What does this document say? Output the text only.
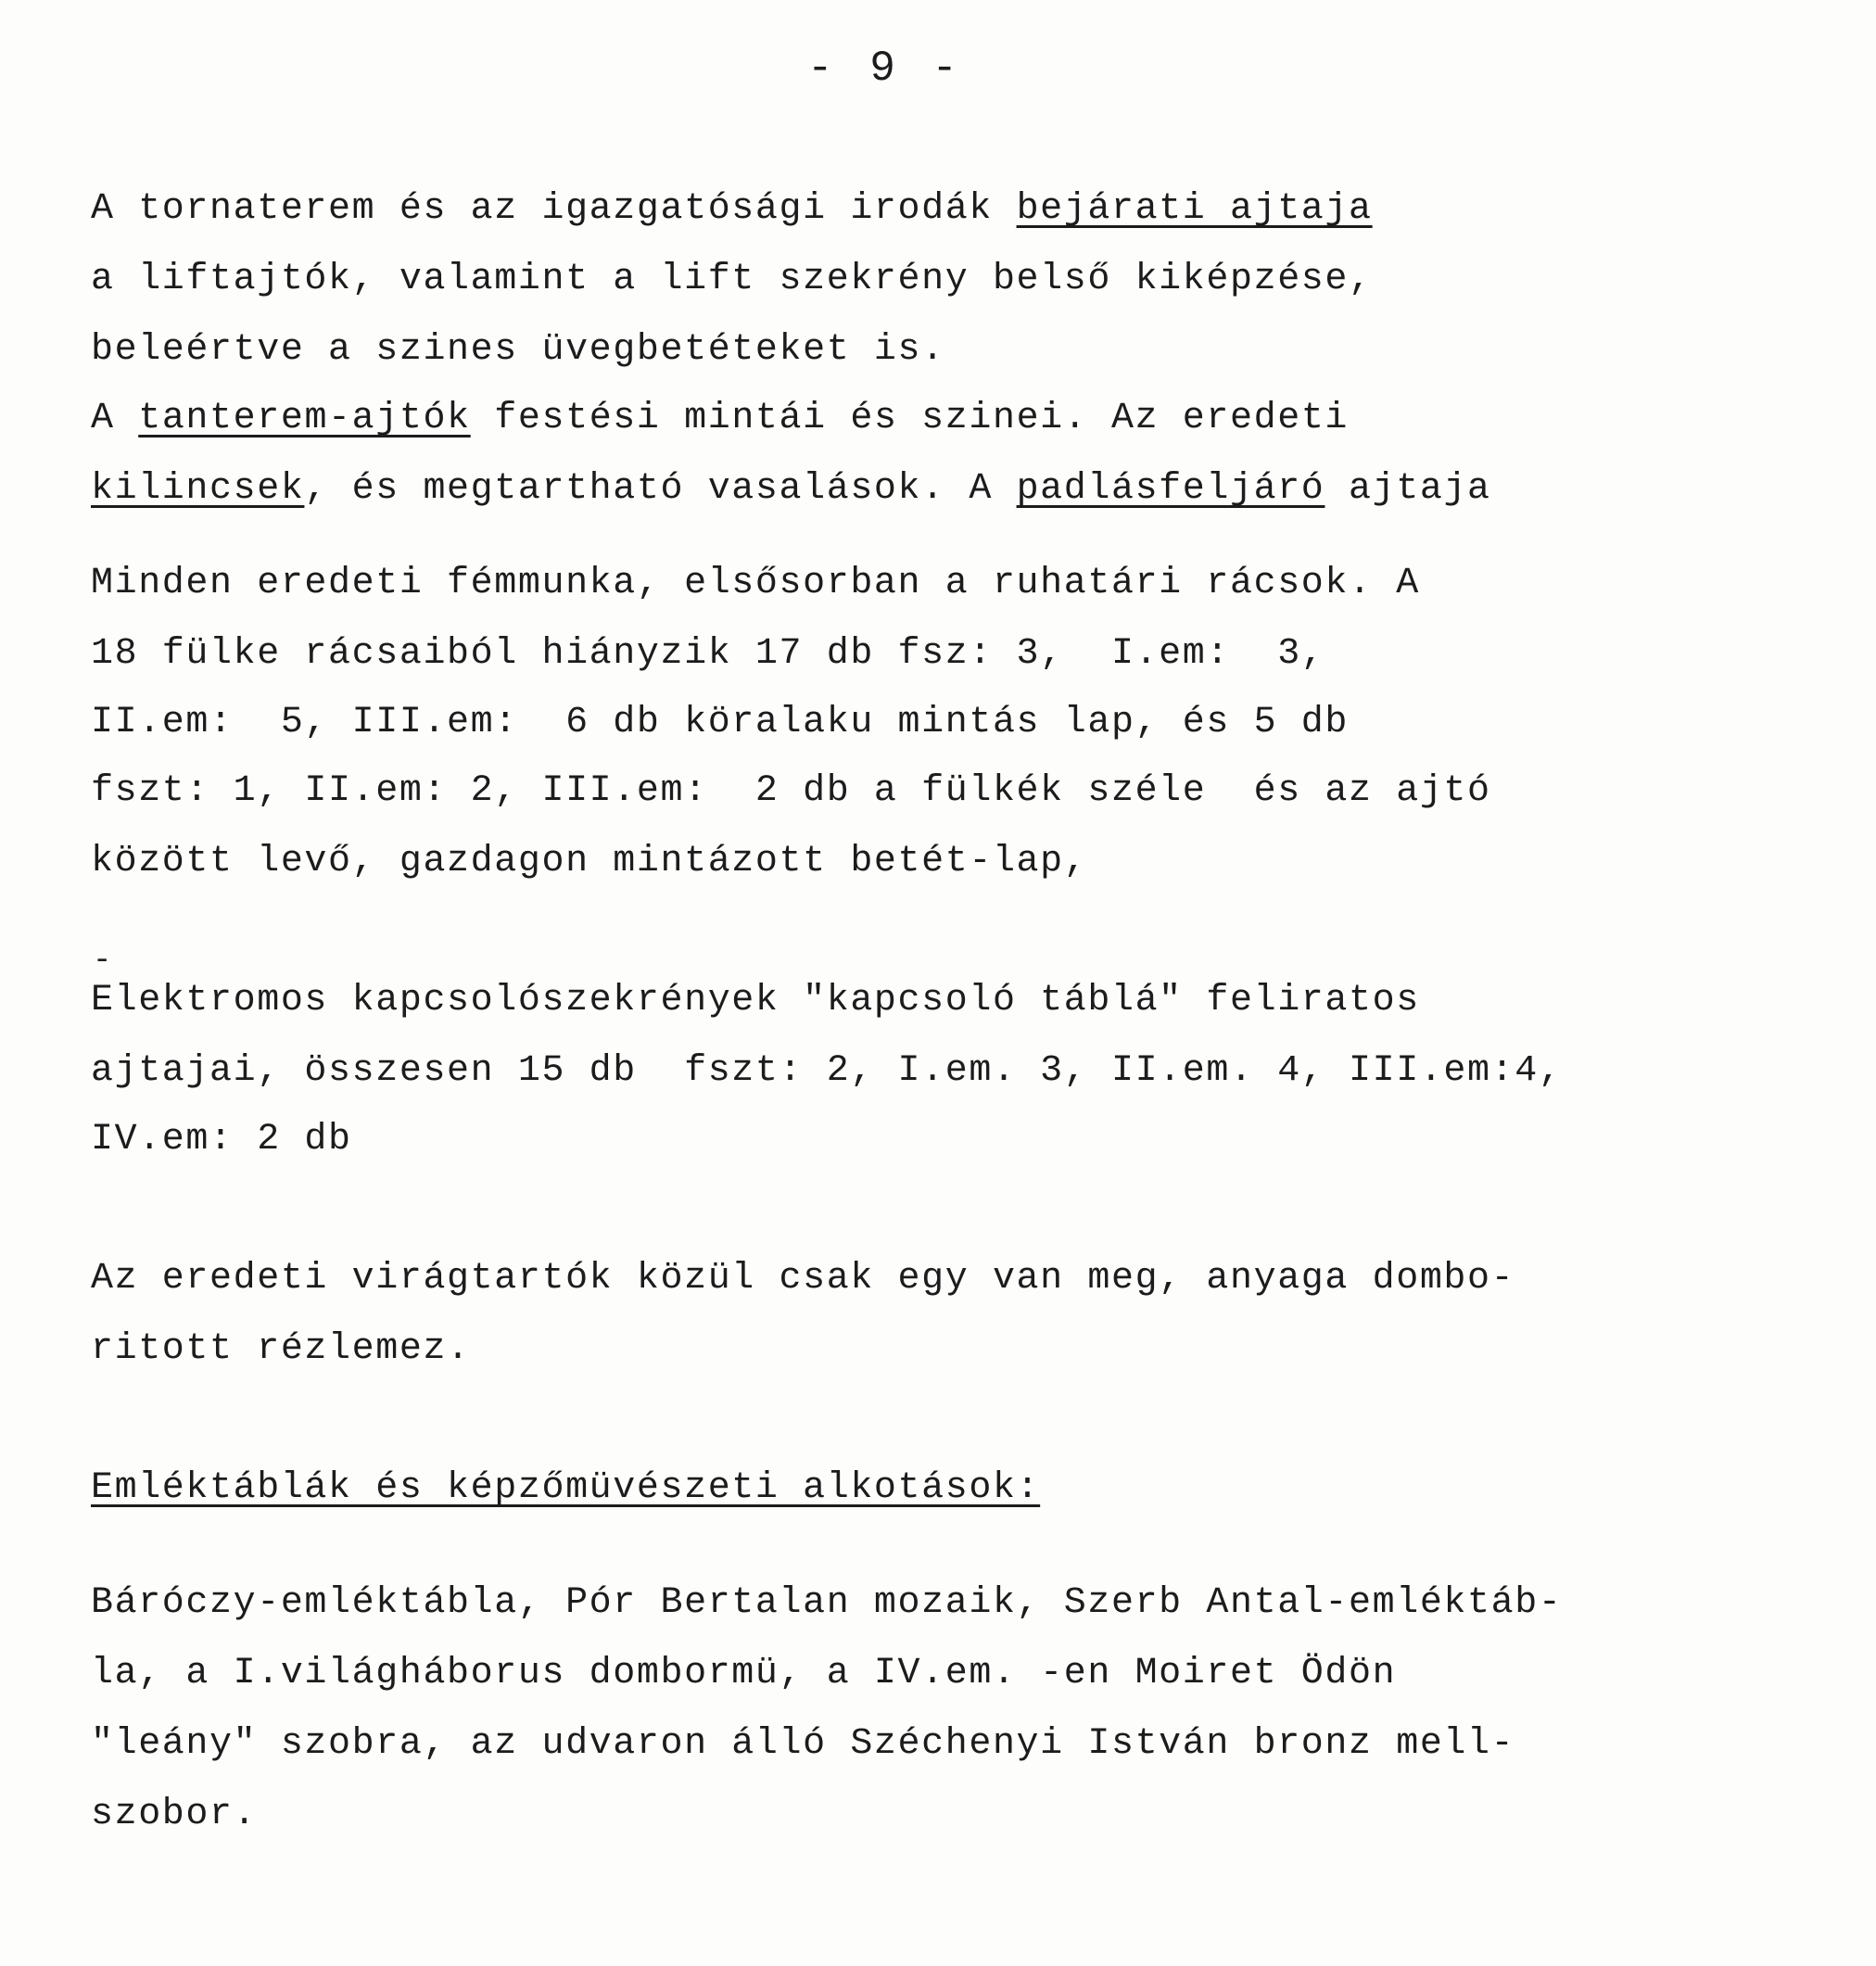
- 9 -
A tornaterem és az igazgatósági irodák bejárati ajtaja
a liftajtók, valamint a lift szekrény belső kiképzése,
beleértve a szines üvegbetéteket is.
A tanterem-ajtók festési mintái és szinei. Az eredeti
kilincsek, és megtartható vasalások. A padlásfeljáró ajtaja
Minden eredeti fémmunka, elsősorban a ruhatári rácsok. A
18 fülke rácsaiból hiányzik 17 db fsz: 3,  I.em:  3,
II.em:  5, III.em:  6 db köralaku mintás lap, és 5 db
fszt: 1, II.em: 2, III.em:  2 db a fülkék széle  és az ajtó
között levő, gazdagon mintázott betét-lap,
-
Elektromos kapcsolószekrények "kapcsoló táblá" feliratos
ajtajai, összesen 15 db  fszt: 2, I.em. 3, II.em. 4, III.em:4,
IV.em: 2 db
Az eredeti virágtartók közül csak egy van meg, anyaga dombo-
ritott rézlemez.
Emléktáblák és képzőmüvészeti alkotások:
Báróczy-emléktábla, Pór Bertalan mozaik, Szerb Antal-emléktáb-
la, a I.világháborus dombormü, a IV.em. -en Moiret Ödön
"leány" szobra, az udvaron álló Széchenyi István bronz mell-
szobor.
